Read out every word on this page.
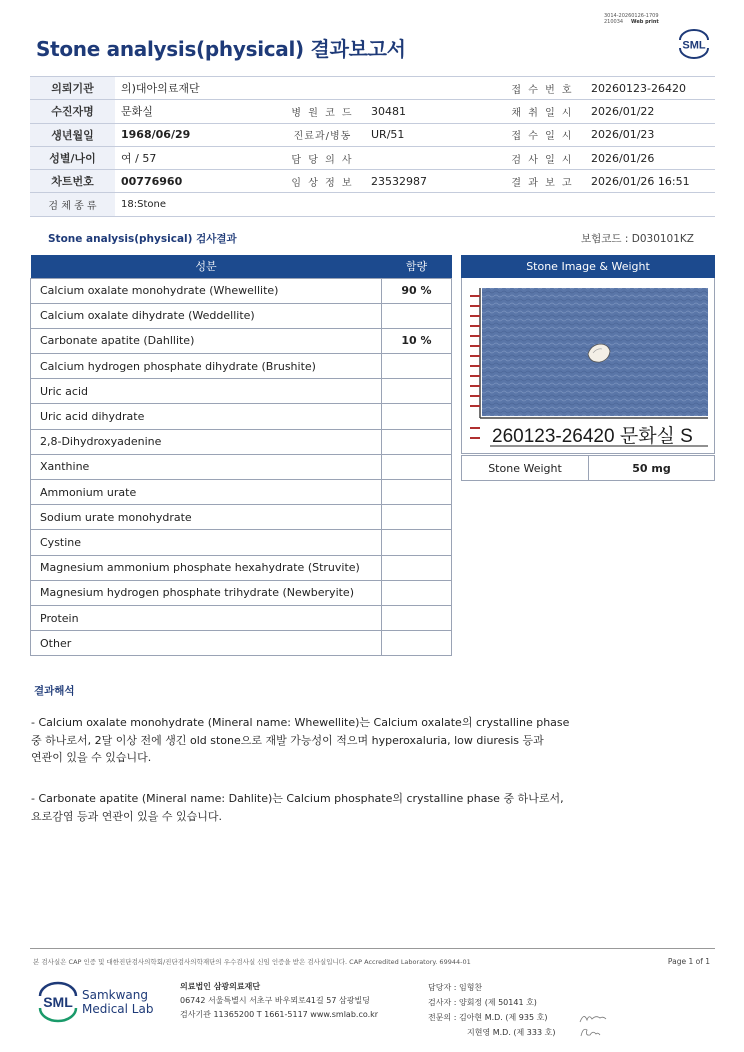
3014-20260126-1709
210034 Web print
Stone analysis(physical) 결과보고서	SML
의뢰기관	의)대아의료재단			접 수 번 호	20260123-26420
수진자명	문화실	병 원 코 드	30481	채 취 일 시	2026/01/22
생년월일	1968/06/29	진료과/병동	UR/51	접 수 일 시	2026/01/23
성별/나이	여 / 57	담 당 의 사		검 사 일 시	2026/01/26
차트번호	00776960	임 상 정 보	23532987	결 과 보 고	2026/01/26 16:51
검 체 종 류	18:Stone				
Stone analysis(physical) 검사결과	보험코드 : D030101KZ
성분	함량
Calcium oxalate monohydrate (Whewellite)	90 %
Calcium oxalate dihydrate (Weddellite)	
Carbonate apatite (Dahllite)	10 %
Calcium hydrogen phosphate dihydrate (Brushite)	
Uric acid	
Uric acid dihydrate	
2,8-Dihydroxyadenine	
Xanthine	
Ammonium urate	
Sodium urate monohydrate	
Cystine	
Magnesium ammonium phosphate hexahydrate (Struvite)	
Magnesium hydrogen phosphate trihydrate (Newberyite)	
Protein	
Other	
Stone Image & Weight
260123-26420 문화실 S
Stone Weight	50 mg
결과해석
- Calcium oxalate monohydrate (Mineral name: Whewellite)는 Calcium oxalate의 crystalline phase
중 하나로서, 2달 이상 전에 생긴 old stone으로 재발 가능성이 적으며 hyperoxaluria, low diuresis 등과
연관이 있을 수 있습니다.
- Carbonate apatite (Mineral name: Dahlite)는 Calcium phosphate의 crystalline phase 중 하나로서,
요로감염 등과 연관이 있을 수 있습니다.
본 검사실은 CAP 인증 및 대한진단검사의학회/진단검사의학재단의 우수검사실 신임 인증을 받은 검사실입니다. CAP Accredited Laboratory. 69944-01	Page 1 of 1
SML Samkwang
Medical Lab
의료법인 삼광의료재단
06742 서울특별시 서초구 바우뫼로41길 57 삼광빌딩
검사기관 11365200 T 1661-5117 www.smlab.co.kr
담당자 : 임형찬
검사자 : 양회정 (제 50141 호)
전문의 : 김아현 M.D. (제 935 호)
지현영 M.D. (제 333 호)
